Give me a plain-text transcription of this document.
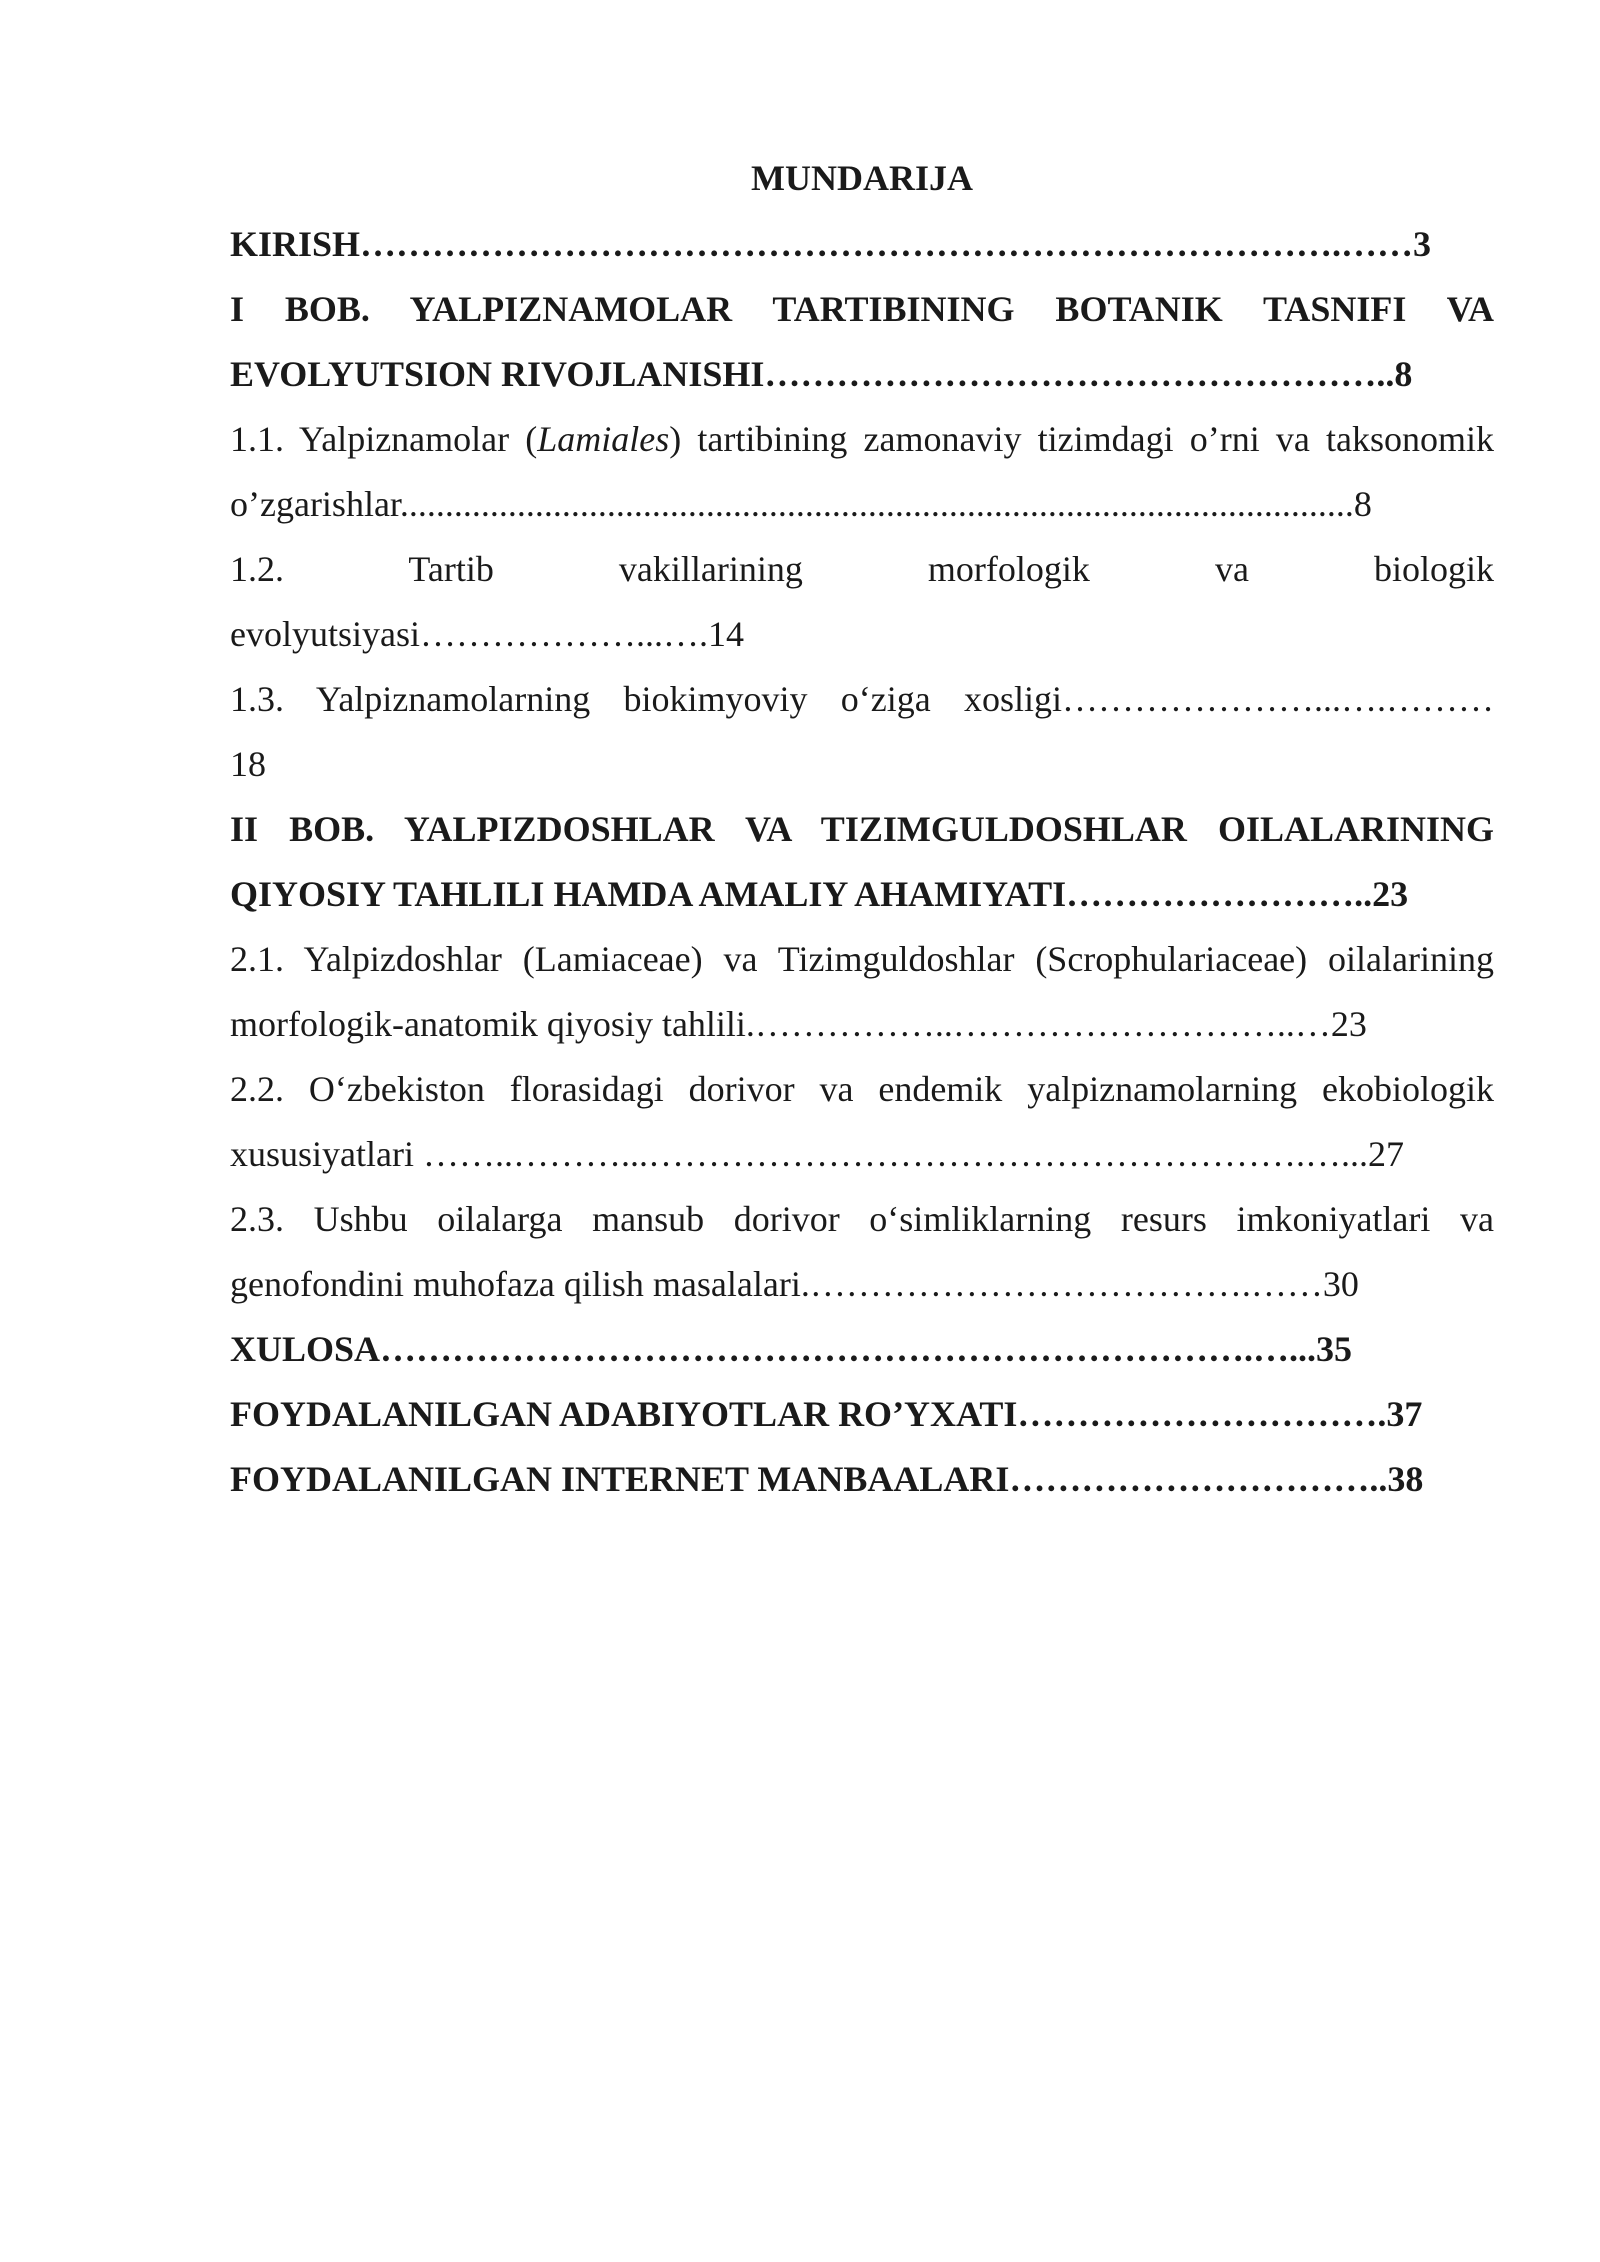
MUNDARIJA
KIRISH……………………………………………………………………….……3
I BOB. YALPIZNAMOLAR TARTIBINING BOTANIK TASNIFI VA
EVOLYUTSION RIVOJLANISHI……………………………………………..8
1.1. Yalpiznamolar (Lamiales) tartibining zamonaviy tizimdagi o’rni va taksonomik
o’zgarishlar..........................................................................................................8
1.2. Tartib vakillarining morfologik va biologik
evolyutsiyasi………………...….14
1.3. Yalpiznamolarning biokimyoviy o‘ziga xosligi…………………...….………
18
II BOB. YALPIZDOSHLAR VA TIZIMGULDOSHLAR OILALARINING
QIYOSIY TAHLILI HAMDA AMALIY AHAMIYATI……………………..23
2.1. Yalpizdoshlar (Lamiaceae) va Tizimguldoshlar (Scrophulariaceae) oilalarining
morfologik-anatomik qiyosiy tahlili.……………..………………………..…23
2.2. O‘zbekiston florasidagi dorivor va endemik yalpiznamolarning ekobiologik
xususiyatlari ……..………...……………………………………………….…...27
2.3. Ushbu oilalarga mansub dorivor o‘simliklarning resurs imkoniyatlari va
genofondini muhofaza qilish masalalari.……………………………….……30
XULOSA……………………………………………………………….…...35
FOYDALANILGAN ADABIYOTLAR RO’YXATI………………………….37
FOYDALANILGAN INTERNET MANBAALARI…………………………..38
